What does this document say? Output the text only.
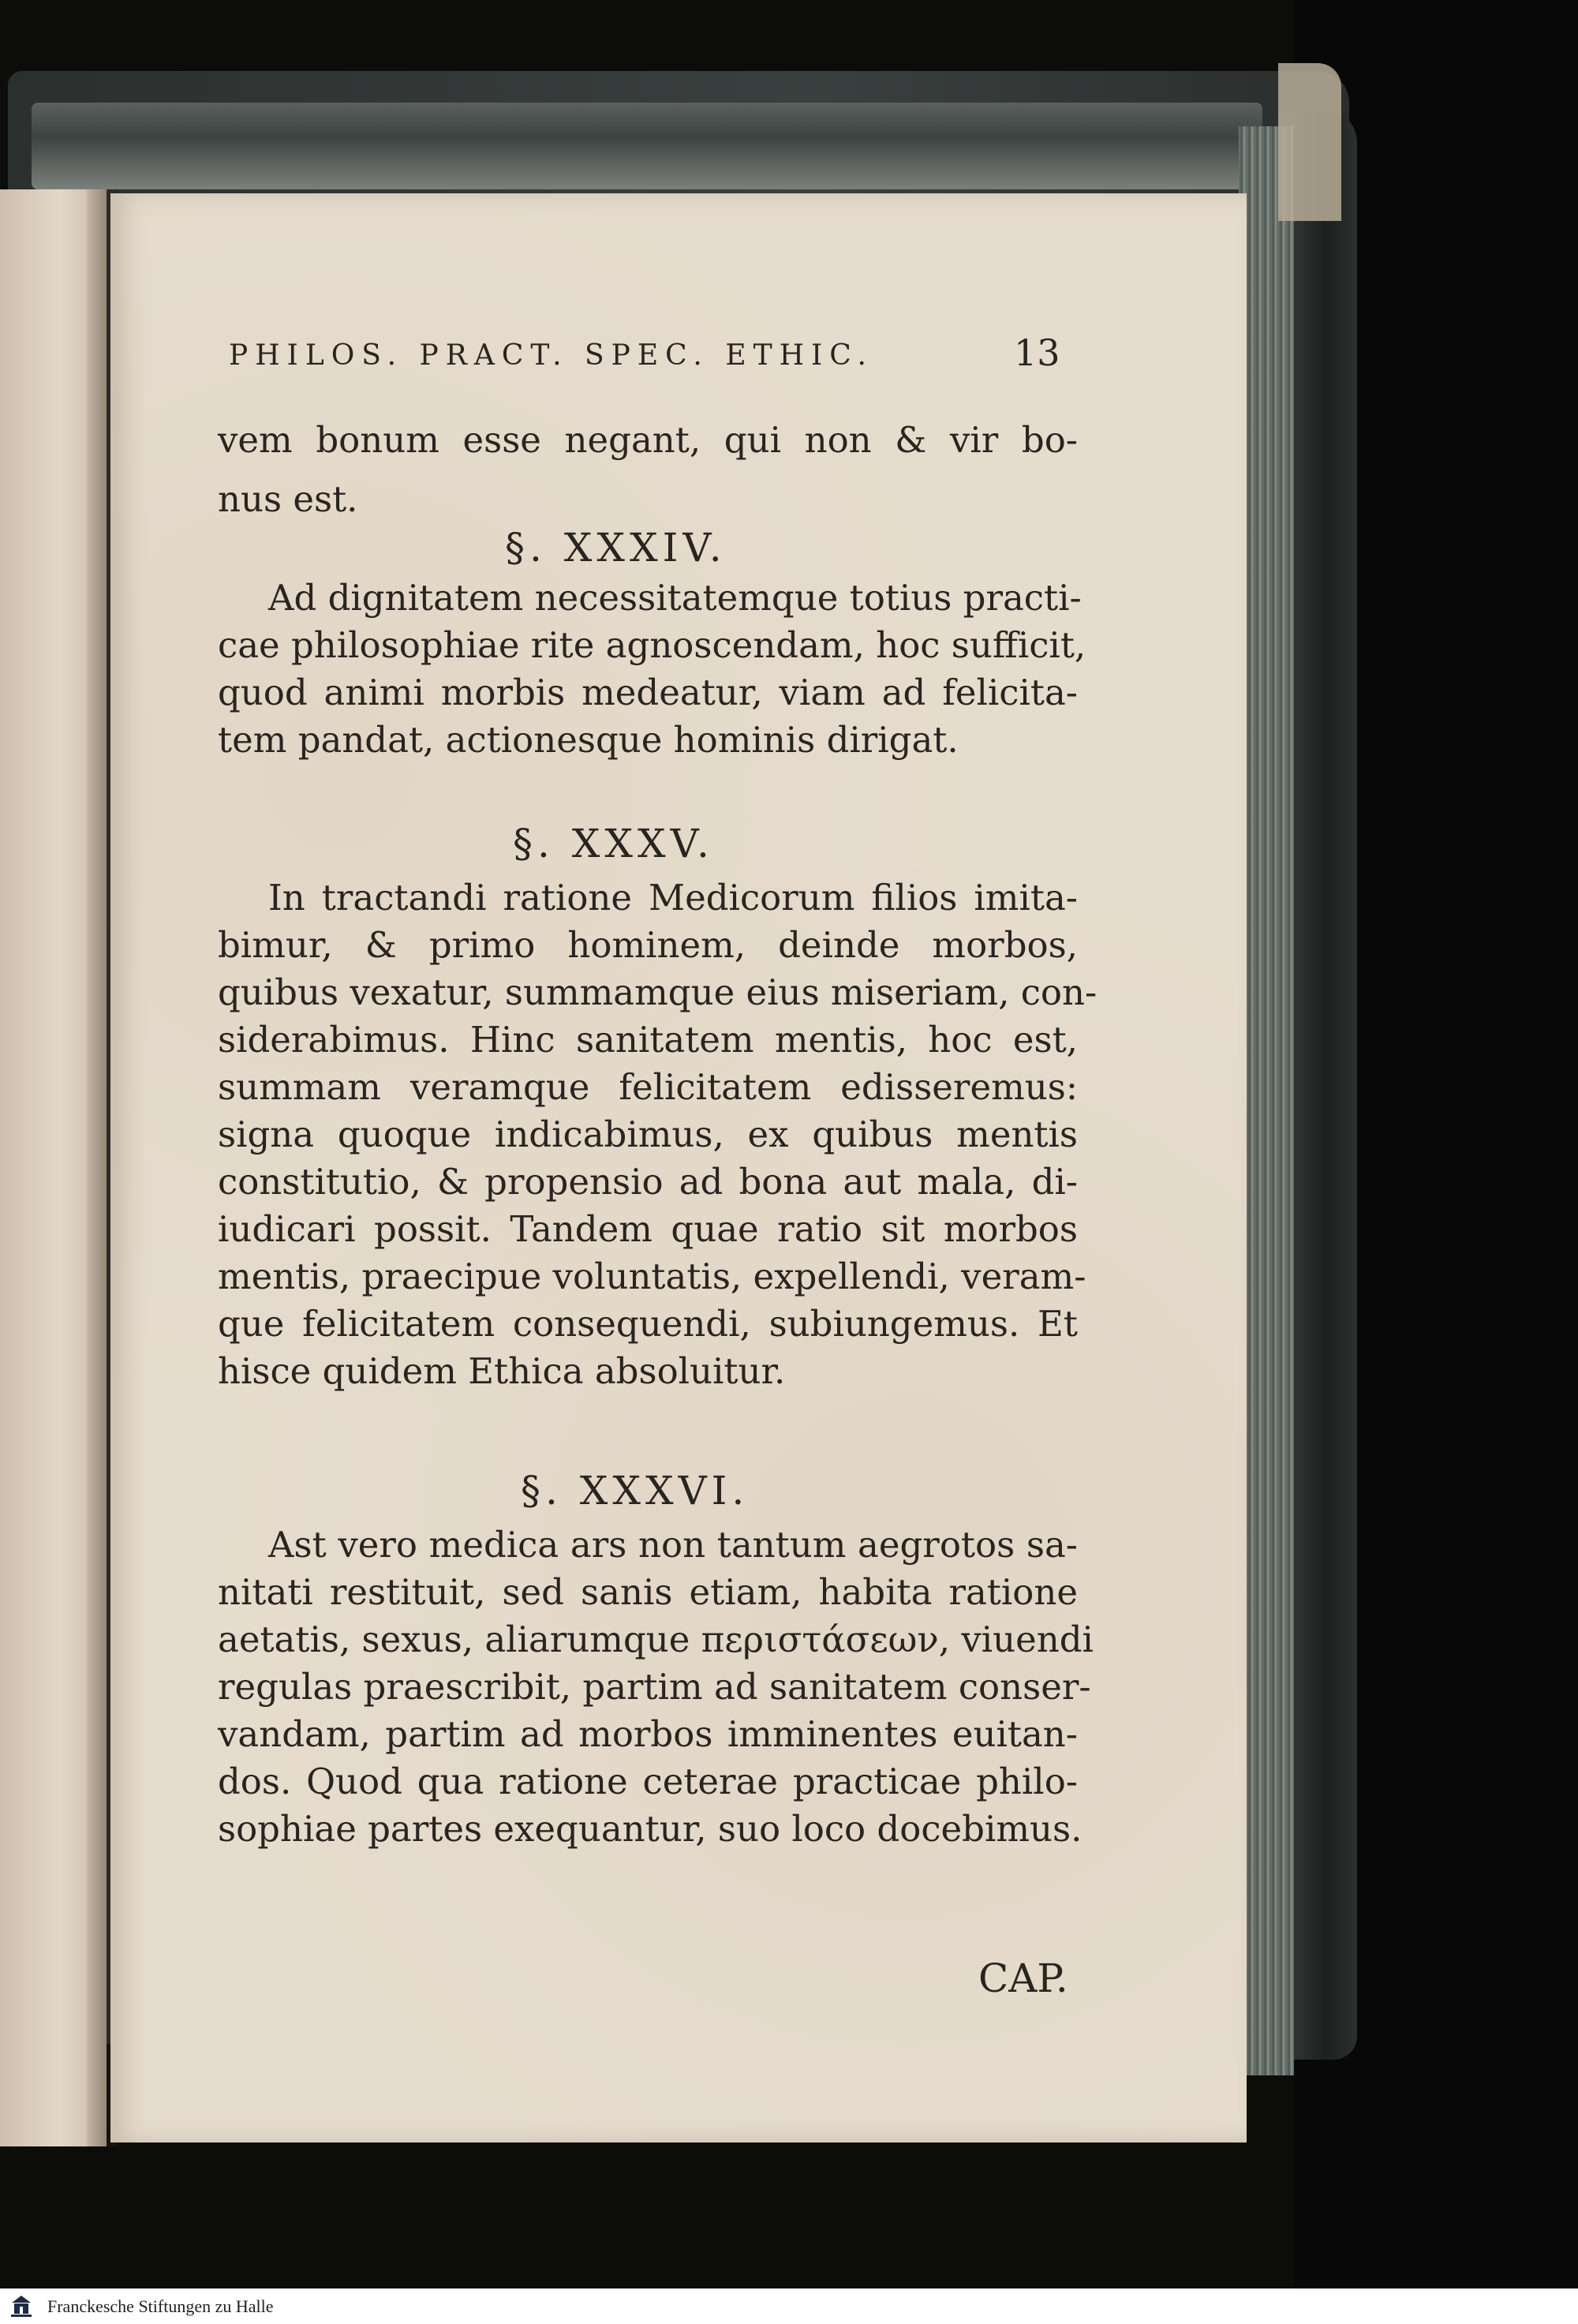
PHILOS. PRACT. SPEC. ETHIC.	13
vem bonum esse negant, qui non & vir bo-
nus est.
§. XXXIV.
Ad dignitatem necessitatemque totius practi-
cae philosophiae rite agnoscendam, hoc sufficit,
quod animi morbis medeatur, viam ad felicita-
tem pandat, actionesque hominis dirigat.
§. XXXV.
In tractandi ratione Medicorum filios imita-
bimur, & primo hominem, deinde morbos,
quibus vexatur, summamque eius miseriam, con-
siderabimus. Hinc sanitatem mentis, hoc est,
summam veramque felicitatem edisseremus:
signa quoque indicabimus, ex quibus mentis
constitutio, & propensio ad bona aut mala, di-
iudicari possit. Tandem quae ratio sit morbos
mentis, praecipue voluntatis, expellendi, veram-
que felicitatem consequendi, subiungemus. Et
hisce quidem Ethica absoluitur.
§. XXXVI.
Ast vero medica ars non tantum aegrotos sa-
nitati restituit, sed sanis etiam, habita ratione
aetatis, sexus, aliarumque περιστάσεων, viuendi
regulas praescribit, partim ad sanitatem conser-
vandam, partim ad morbos imminentes euitan-
dos. Quod qua ratione ceterae practicae philo-
sophiae partes exequantur, suo loco docebimus.
CAP.
Franckesche Stiftungen zu Halle
